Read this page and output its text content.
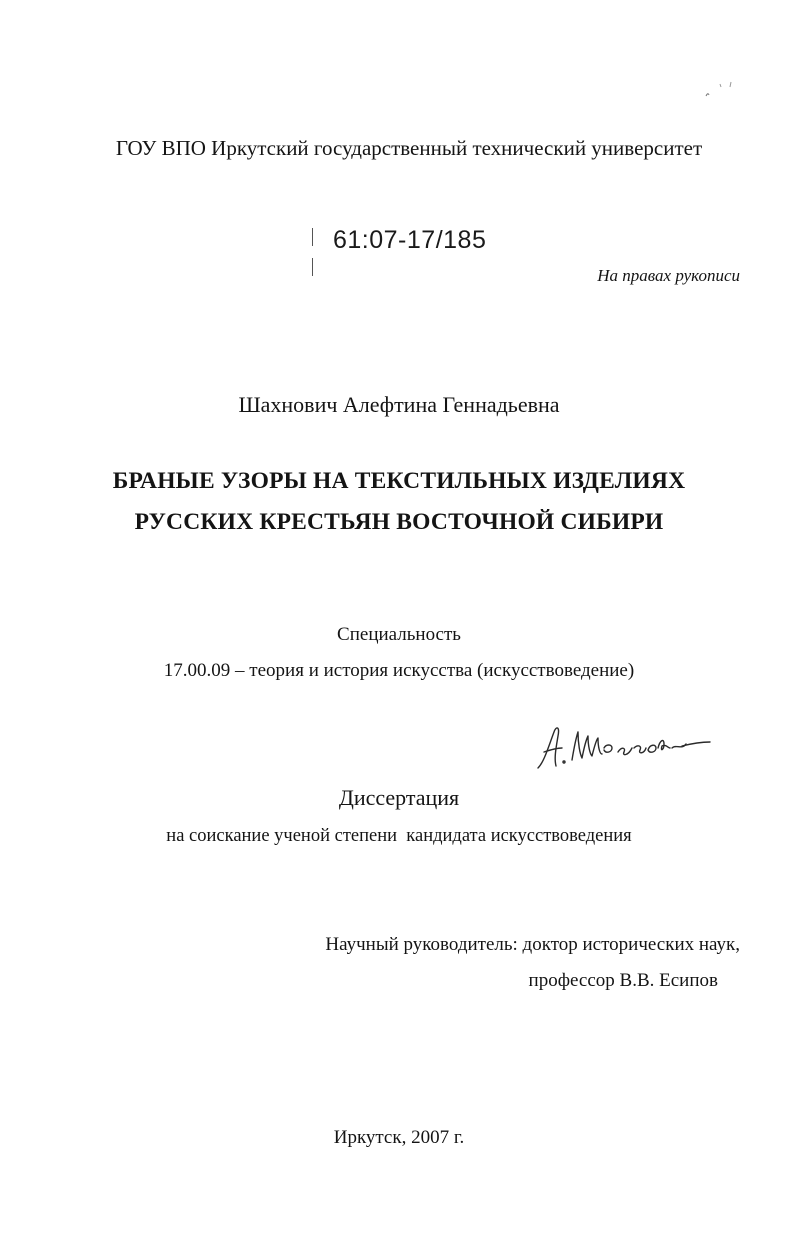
ГОУ ВПО Иркутский государственный технический университет
61:07-17/185
На правах рукописи
Шахнович Алефтина Геннадьевна
БРАНЫЕ УЗОРЫ НА ТЕКСТИЛЬНЫХ ИЗДЕЛИЯХ
РУССКИХ КРЕСТЬЯН ВОСТОЧНОЙ СИБИРИ
Специальность
17.00.09 – теория и история искусства (искусствоведение)
Диссертация
на соискание ученой степени  кандидата искусствоведения
Научный руководитель: доктор исторических наук,
профессор В.В. Есипов
Иркутск, 2007 г.
